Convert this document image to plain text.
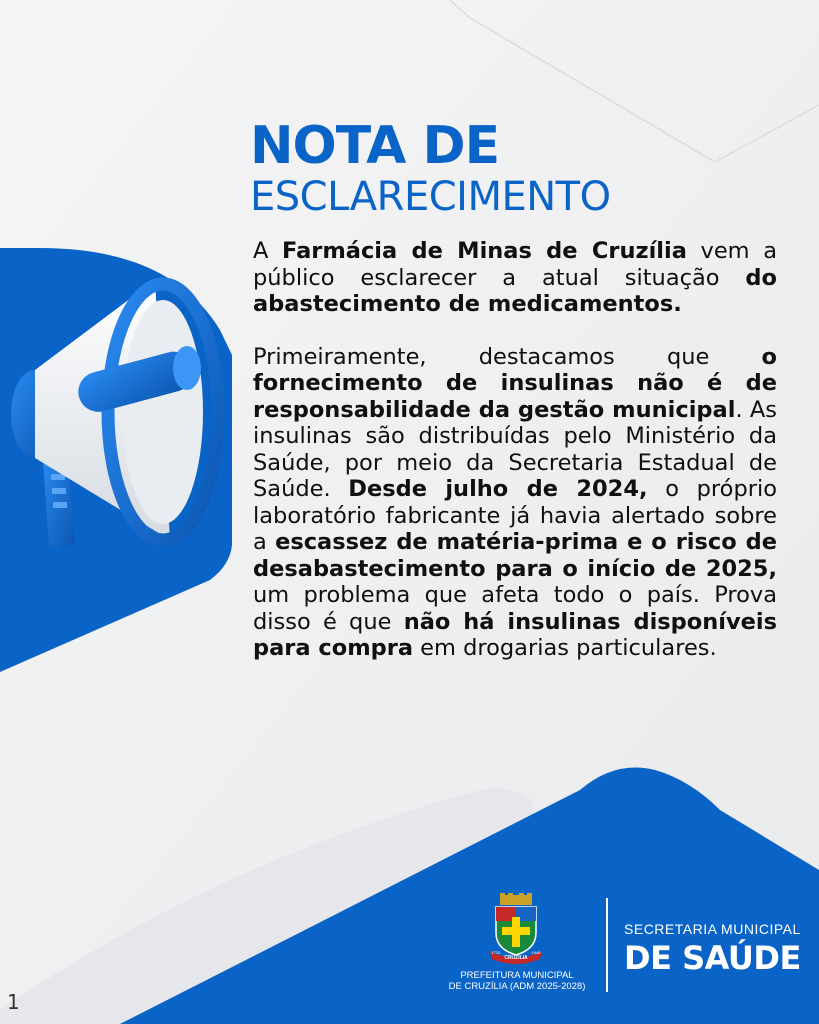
NOTA DE
ESCLARECIMENTO

A Farmácia de Minas de Cruzília vem a público esclarecer a atual situação do abastecimento de medicamentos.

Primeiramente, destacamos que o fornecimento de insulinas não é de responsabilidade da gestão municipal. As insulinas são distribuídas pelo Ministério da Saúde, por meio da Secretaria Estadual de Saúde. Desde julho de 2024, o próprio laboratório fabricante já havia alertado sobre a escassez de matéria-prima e o risco de desabastecimento para o início de 2025, um problema que afeta todo o país. Prova disso é que não há insulinas disponíveis para compra em drogarias particulares.

CRUZÍLIA
1720	1948
PREFEITURA MUNICIPAL
DE CRUZÍLIA (ADM 2025-2028)
SECRETARIA MUNICIPAL
DE SAÚDE
1
